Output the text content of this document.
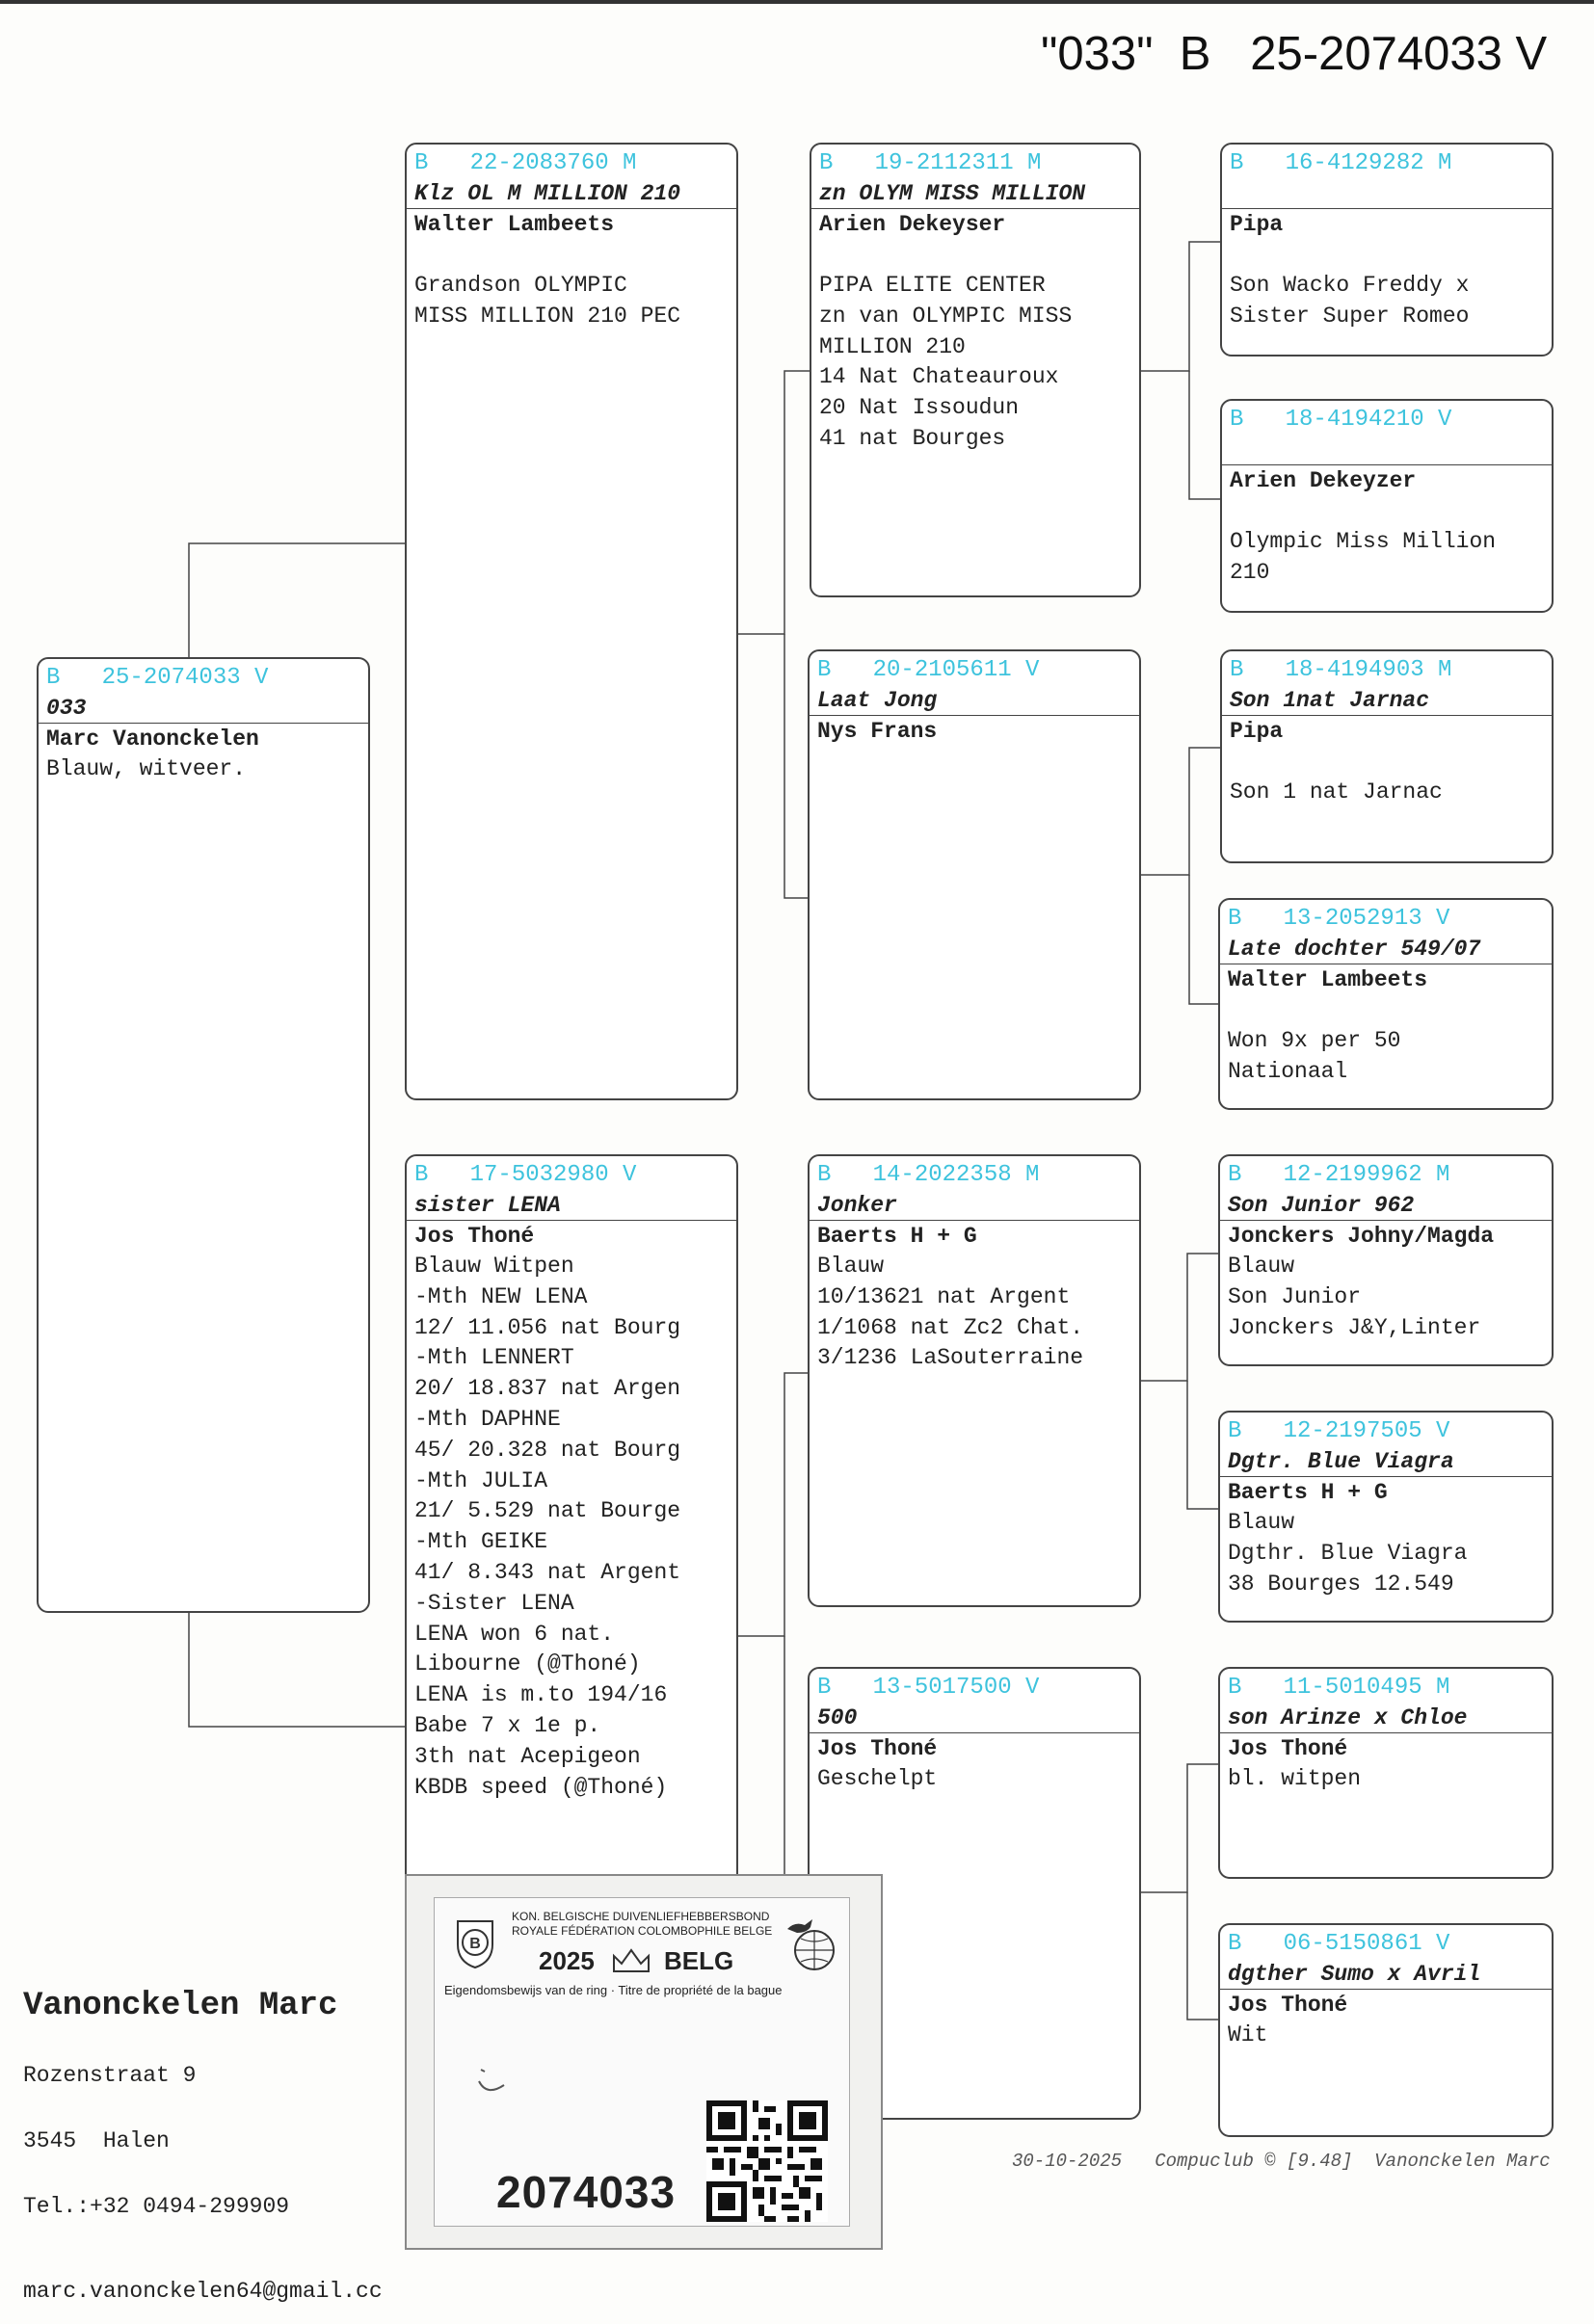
"033"  B   25-2074033 V
B   25-2074033 V
033
Marc Vanonckelen
Blauw, witveer.
B   22-2083760 M
Klz OL M MILLION 210
Walter Lambeets
Grandson OLYMPIC
MISS MILLION 210 PEC
B   17-5032980 V
sister LENA
Jos Thoné
Blauw Witpen
-Mth NEW LENA
12/ 11.056 nat Bourg
-Mth LENNERT
20/ 18.837 nat Argen
-Mth DAPHNE
45/ 20.328 nat Bourg
-Mth JULIA
21/ 5.529 nat Bourge
-Mth GEIKE
41/ 8.343 nat Argent
-Sister LENA
LENA won 6 nat.
Libourne (@Thoné)
LENA is m.to 194/16
Babe 7 x 1e p.
3th nat Acepigeon
KBDB speed (@Thoné)
B   19-2112311 M
zn OLYM MISS MILLION
Arien Dekeyser
PIPA ELITE CENTER
zn van OLYMPIC MISS
MILLION 210
14 Nat Chateauroux
20 Nat Issoudun
41 nat Bourges
B   20-2105611 V
Laat Jong
Nys Frans
B   14-2022358 M
Jonker
Baerts H + G
Blauw
10/13621 nat Argent
1/1068 nat Zc2 Chat.
3/1236 LaSouterraine
B   13-5017500 V
500
Jos Thoné
Geschelpt
B   16-4129282 M
Pipa
Son Wacko Freddy x
Sister Super Romeo
B   18-4194210 V
Arien Dekeyzer
Olympic Miss Million
210
B   18-4194903 M
Son 1nat Jarnac
Pipa
Son 1 nat Jarnac
B   13-2052913 V
Late dochter 549/07
Walter Lambeets
Won 9x per 50
Nationaal
B   12-2199962 M
Son Junior 962
Jonckers Johny/Magda
Blauw
Son Junior
Jonckers J&Y,Linter
B   12-2197505 V
Dgtr. Blue Viagra
Baerts H + G
Blauw
Dgthr. Blue Viagra
38 Bourges 12.549
B   11-5010495 M
son Arinze x Chloe
Jos Thoné
bl. witpen
B   06-5150861 V
dgther Sumo x Avril
Jos Thoné
Wit

Vanonckelen Marc

Rozenstraat 9

3545  Halen

Tel.:+32 0494-299909

marc.vanonckelen64@gmail.cc

B
KON. BELGISCHE DUIVENLIEFHEBBERSBOND
ROYALE FÉDÉRATION COLOMBOPHILE BELGE
2025	BELG
Eigendomsbewijs van de ring · Titre de propriété de la bague
2074033
30-10-2025   Compuclub © [9.48]  Vanonckelen Marc
